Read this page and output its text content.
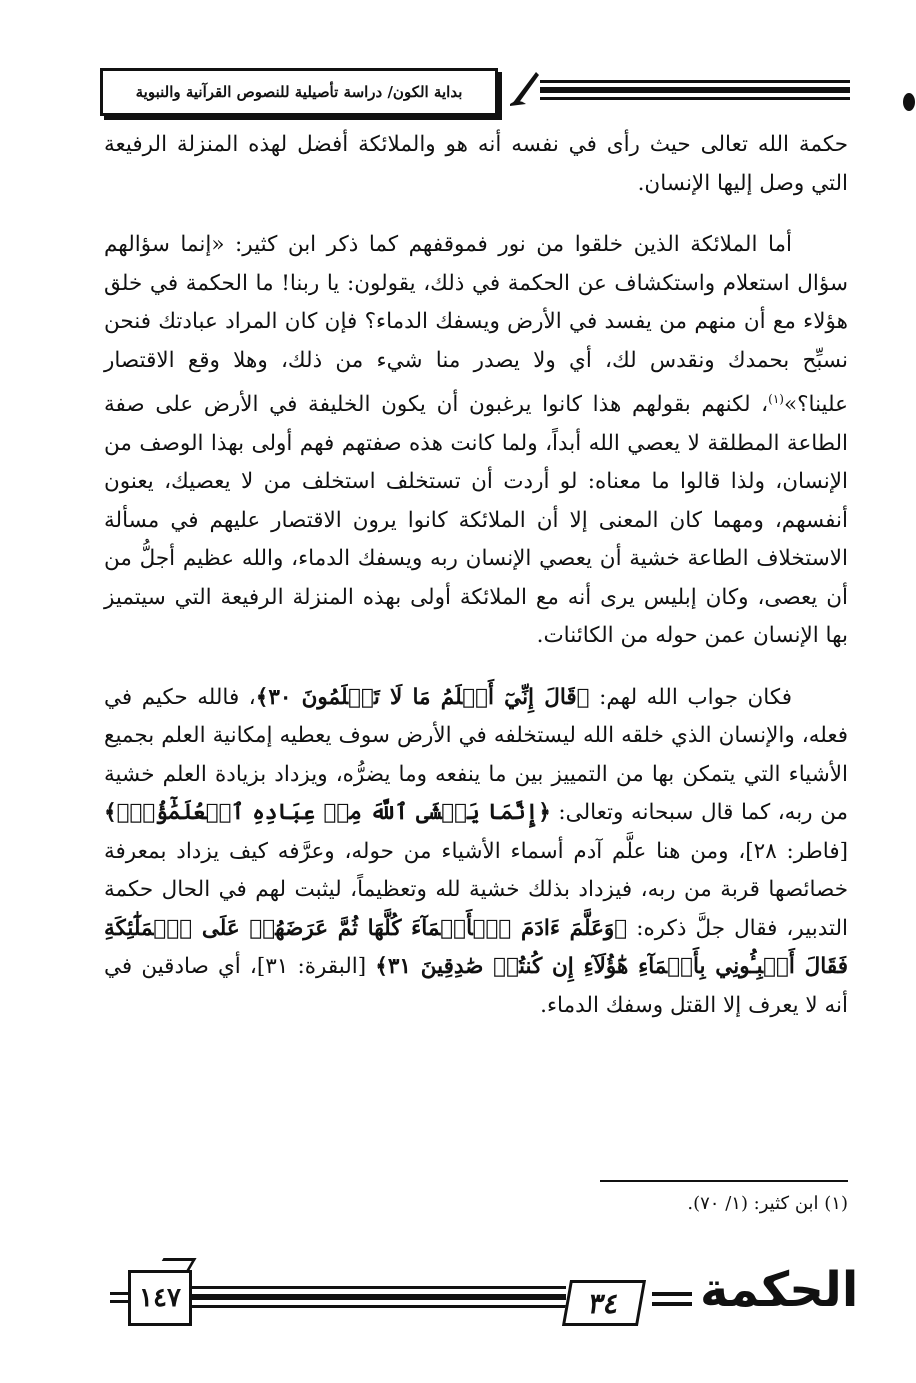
بداية الكون/ دراسة تأصيلية للنصوص القرآنية والنبوية

حكمة الله تعالى حيث رأى في نفسه أنه هو والملائكة أفضل لهذه المنزلة الرفيعة التي وصل إليها الإنسان.

أما الملائكة الذين خلقوا من نور فموقفهم كما ذكر ابن كثير: «إنما سؤالهم سؤال استعلام واستكشاف عن الحكمة في ذلك، يقولون: يا ربنا! ما الحكمة في خلق هؤلاء مع أن منهم من يفسد في الأرض ويسفك الدماء؟ فإن كان المراد عبادتك فنحن نسبِّح بحمدك ونقدس لك، أي ولا يصدر منا شيء من ذلك، وهلا وقع الاقتصار علينا؟»$^{(١)}$، لكنهم بقولهم هذا كانوا يرغبون أن يكون الخليفة في الأرض على صفة الطاعة المطلقة لا يعصي الله أبداً، ولما كانت هذه صفتهم فهم أولى بهذا الوصف من الإنسان، ولذا قالوا ما معناه: لو أردت أن تستخلف استخلف من لا يعصيك، يعنون أنفسهم، ومهما كان المعنى إلا أن الملائكة كانوا يرون الاقتصار عليهم في مسألة الاستخلاف الطاعة خشية أن يعصي الإنسان ربه ويسفك الدماء، والله عظيم أجلُّ من أن يعصى، وكان إبليس يرى أنه مع الملائكة أولى بهذه المنزلة الرفيعة التي سيتميز بها الإنسان عمن حوله من الكائنات.

فكان جواب الله لهم: ﴿قَالَ إِنِّيٓ أَعۡلَمُ مَا لَا تَعۡلَمُونَ ٣٠﴾، فالله حكيم في فعله، والإنسان الذي خلقه الله ليستخلفه في الأرض سوف يعطيه إمكانية العلم بجميع الأشياء التي يتمكن بها من التمييز بين ما ينفعه وما يضرُّه، ويزداد بزيادة العلم خشية من ربه، كما قال سبحانه وتعالى: ﴿إِنَّمَا يَخۡشَى ٱللَّهَ مِنۡ عِبَادِهِ ٱلۡعُلَمَٰٓؤُاْۗ﴾ [فاطر: ٢٨]، ومن هنا علَّم آدم أسماء الأشياء من حوله، وعرَّفه كيف يزداد بمعرفة خصائصها قربة من ربه، فيزداد بذلك خشية لله وتعظيماً، ليثبت لهم في الحال حكمة التدبير، فقال جلَّ ذكره: ﴿وَعَلَّمَ ءَادَمَ ٱلۡأَسۡمَآءَ كُلَّهَا ثُمَّ عَرَضَهُمۡ عَلَى ٱلۡمَلَٰٓئِكَةِ فَقَالَ أَنۢبِـُٔونِي بِأَسۡمَآءِ هَٰٓؤُلَآءِ إِن كُنتُمۡ صَٰدِقِينَ ٣١﴾ [البقرة: ٣١]، أي صادقين في أنه لا يعرف إلا القتل وسفك الدماء.

(١) ابن كثير: (١/ ٧٠).
١٤٧	٣٤	الحكمة
